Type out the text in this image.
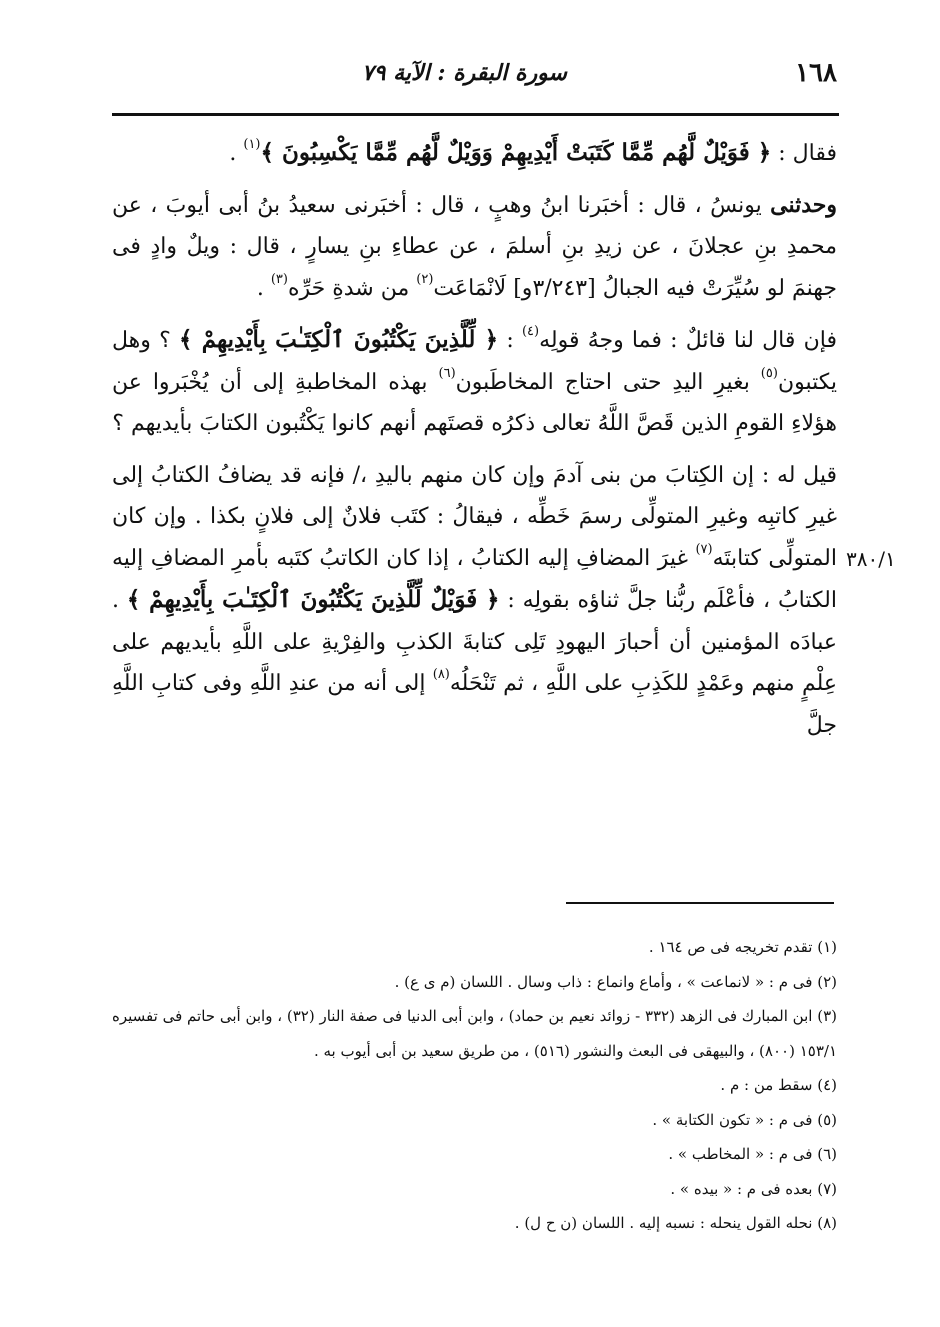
١٦٨
سورة البقرة : الآية ٧٩
٣٨٠/١

فقال : ﴿ فَوَيْلٌ لَّهُم مِّمَّا كَتَبَتْ أَيْدِيهِمْ وَوَيْلٌ لَّهُم مِّمَّا يَكْسِبُونَ ﴾$^{(١)}$ .

وحدثنى يونسُ ، قال : أخبَرنا ابنُ وهبٍ ، قال : أخبَرنى سعيدُ بنُ أبى أيوبَ ، عن محمدِ بنِ عجلانَ ، عن زيدِ بنِ أسلمَ ، عن عطاءِ بنِ يسارٍ ، قال : ويلٌ وادٍ فى جهنمَ لو سُيِّرَتْ فيه الجبالُ [٣/٢٤٣و] لَانْمَاعَت$^{(٢)}$ من شدةِ حَرِّه$^{(٣)}$ .

فإن قال لنا قائلٌ : فما وجهُ قولِه$^{(٤)}$ : ﴿ لِّلَّذِينَ يَكْتُبُونَ ٱلْكِتَـٰبَ بِأَيْدِيهِمْ ﴾ ؟ وهل يكتبون$^{(٥)}$ بغيرِ اليدِ حتى احتاج المخاطَبون$^{(٦)}$ بهذه المخاطبةِ إلى أن يُخْبَروا عن هؤلاءِ القومِ الذين قَصَّ اللَّهُ تعالى ذكرُه قصتَهم أنهم كانوا يَكْتُبون الكتابَ بأيديهم ؟

قيل له : إن الكِتابَ من بنى آدمَ وإن كان منهم باليدِ ،/ فإنه قد يضافُ الكتابُ إلى غيرِ كاتبِه وغيرِ المتولِّى رسمَ خَطِّه ، فيقالُ : كتَب فلانٌ إلى فلانٍ بكذا . وإن كان المتولِّى كتابتَه$^{(٧)}$ غيرَ المضافِ إليه الكتابُ ، إذا كان الكاتبُ كتَبه بأمرِ المضافِ إليه الكتابُ ، فأعْلَم ربُّنا جلَّ ثناؤه بقولِه : ﴿ فَوَيْلٌ لِّلَّذِينَ يَكْتُبُونَ ٱلْكِتَـٰبَ بِأَيْدِيهِمْ ﴾ . عبادَه المؤمنين أن أحبارَ اليهودِ تَلِى كتابةَ الكذبِ والفِرْيةِ على اللَّهِ بأيديهم على عِلْمٍ منهم وعَمْدٍ للكَذِبِ على اللَّهِ ، ثم تَنْحَلُه$^{(٨)}$ إلى أنه من عندِ اللَّهِ وفى كتابِ اللَّهِ جلَّ

(١) تقدم تخريجه فى ص ١٦٤ .

(٢) فى م : « لانماعت » ، وأماع وانماع : ذاب وسال . اللسان (م ى ع) .

(٣) ابن المبارك فى الزهد (٣٣٢ - زوائد نعيم بن حماد) ، وابن أبى الدنيا فى صفة النار (٣٢) ، وابن أبى حاتم فى تفسيره ١٥٣/١ (٨٠٠) ، والبيهقى فى البعث والنشور (٥١٦) ، من طريق سعيد بن أبى أيوب به .

(٤) سقط من : م .

(٥) فى م : « تكون الكتابة » .

(٦) فى م : « المخاطب » .

(٧) بعده فى م : « بيده » .

(٨) نحله القول ينحله : نسبه إليه . اللسان (ن ح ل) .
